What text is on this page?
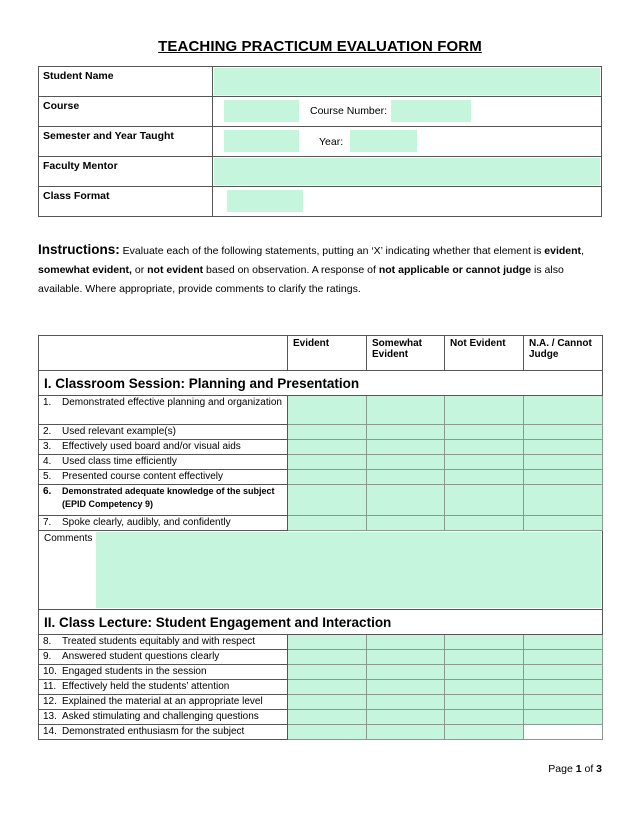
TEACHING PRACTICUM EVALUATION FORM
Student Name	

Course	Course Number:

Semester and Year Taught	Year:

Faculty Mentor	

Class Format	
Instructions: Evaluate each of the following statements, putting an ‘X’ indicating whether that element is evident, somewhat evident, or not evident based on observation. A response of not applicable or cannot judge is also available. Where appropriate, provide comments to clarify the ratings.
	Evident	Somewhat Evident	Not Evident	N.A. / Cannot Judge
I. Classroom Session: Planning and Presentation				

1. Demonstrated effective planning and organization				

2. Used relevant example(s)				

3. Effectively used board and/or visual aids				

4. Used class time efficiently				

5. Presented course content effectively				

6. Demonstrated adequate knowledge of the subject (EPID Competency 9)				

7. Spoke clearly, audibly, and confidently				

Comments				

II. Class Lecture: Student Engagement and Interaction				

8. Treated students equitably and with respect				

9. Answered student questions clearly				

10. Engaged students in the session				

11. Effectively held the students’ attention				

12. Explained the material at an appropriate level				

13. Asked stimulating and challenging questions				

14. Demonstrated enthusiasm for the subject				

Page 1 of 3
